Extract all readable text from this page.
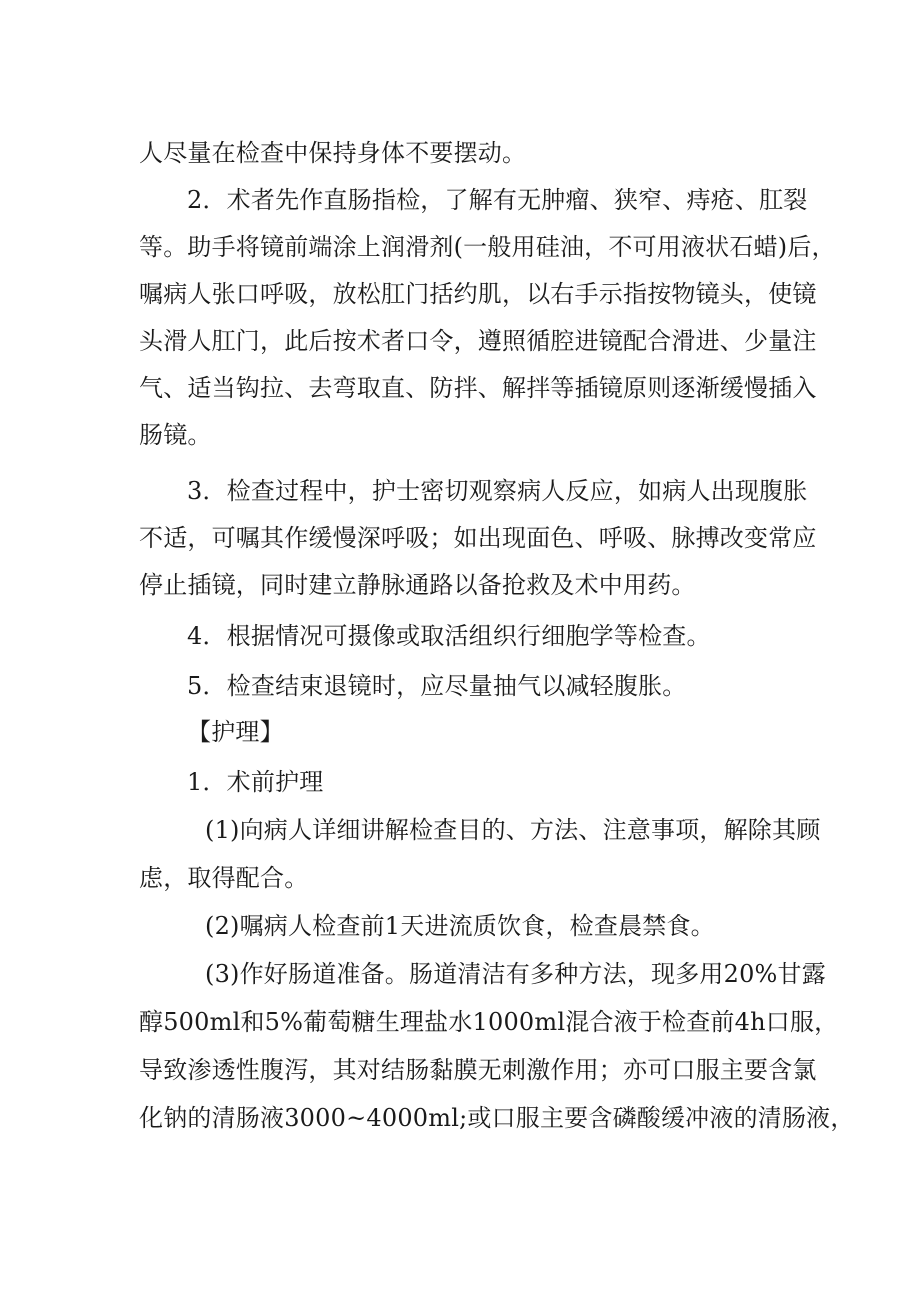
人尽量在检查中保持身体不要摆动。
2．术者先作直肠指检，了解有无肿瘤、狭窄、痔疮、肛裂
等。助手将镜前端涂上润滑剂(一般用硅油，不可用液状石蜡)后，
嘱病人张口呼吸，放松肛门括约肌，以右手示指按物镜头，使镜
头滑人肛门，此后按术者口令，遵照循腔进镜配合滑进、少量注
气、适当钩拉、去弯取直、防拌、解拌等插镜原则逐渐缓慢插入
肠镜。
3．检查过程中，护士密切观察病人反应，如病人出现腹胀
不适，可嘱其作缓慢深呼吸；如出现面色、呼吸、脉搏改变常应
停止插镜，同时建立静脉通路以备抢救及术中用药。
4．根据情况可摄像或取活组织行细胞学等检查。
5．检查结束退镜时，应尽量抽气以减轻腹胀。
【护理】
1．术前护理
(1)向病人详细讲解检查目的、方法、注意事项，解除其顾
虑，取得配合。
(2)嘱病人检查前1天进流质饮食，检查晨禁食。
(3)作好肠道准备。肠道清洁有多种方法，现多用20%甘露
醇500ml和5%葡萄糖生理盐水1000ml混合液于检查前4h口服，
导致渗透性腹泻，其对结肠黏膜无刺激作用；亦可口服主要含氯
化钠的清肠液3000~4000ml;或口服主要含磷酸缓冲液的清肠液，
